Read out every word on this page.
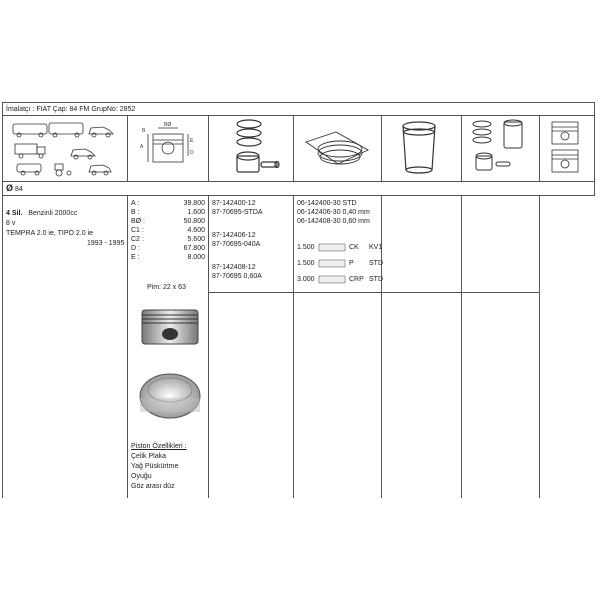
İmalatçı : FIAT Çap: 84 FM GrupNo: 2852
A
B
BØ
E
D
Ø 84
4 Sil. Benzinli 2000cc
8 v
TEMPRA 2.0 ie, TIPO 2.0 ie
1993 - 1995
A :	39.800
B :	1.600
BØ :	50.800
C1 :	4.600
C2 :	5.600
D :	67.800
E :	8.000
Pim: 22 x 63
Piston Özellikleri :
Çelik Plaka
Yağ Püskürtme
Oyuğu
Göz arası düz
87-142400-12
87-70695-STDA
87-142406-12
87-70695-040A
87-142408-12
87-70695 0,60A
06-142400-30 STD
06-142406-30 0,40 mm
06-142408-30 0,60 mm
1.500	CK KV1
1.500	P STD
3.000	CRP STD
